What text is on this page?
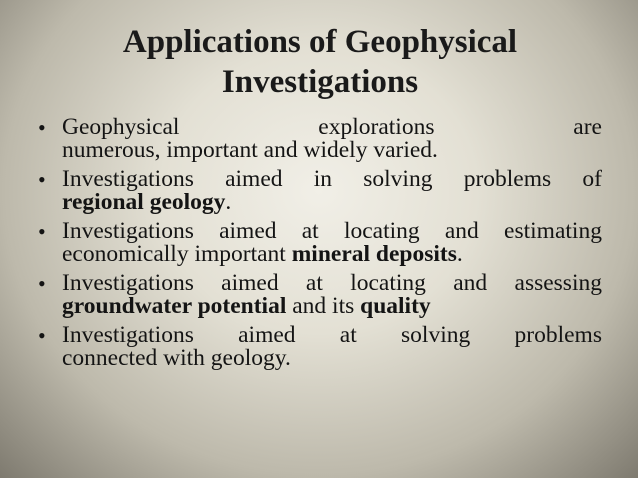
Applications of Geophysical
Investigations
• Geophysical	explorations	are
numerous, important and widely varied.
• Investigations aimed in solving problems of
regional geology.
• Investigations aimed at locating and estimating
economically important mineral deposits.
• Investigations aimed at locating and assessing
groundwater potential and its quality
• Investigations aimed at solving problems
connected with geology.
